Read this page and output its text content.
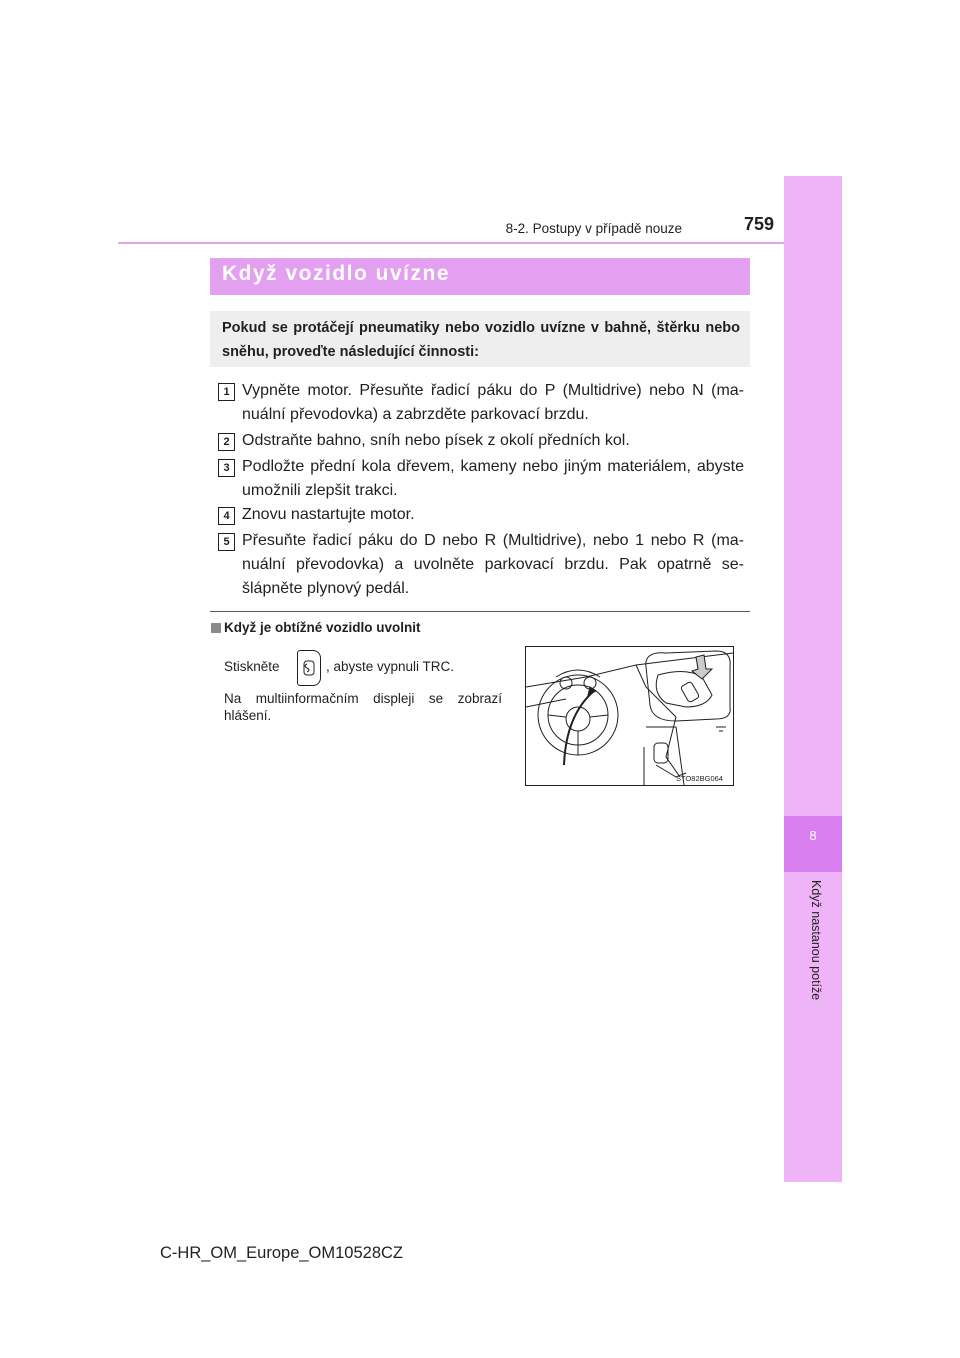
8
Když nastanou potíže
8-2. Postupy v případě nouze	759
Když vozidlo uvízne

Pokud se protáčejí pneumatiky nebo vozidlo uvízne v bahně, štěrku nebo sněhu, proveďte následující činnosti:

1 Vypněte motor. Přesuňte řadicí páku do P (Multidrive) nebo N (ma- nuální převodovka) a zabrzděte parkovací brzdu.

2 Odstraňte bahno, sníh nebo písek z okolí předních kol.

3 Podložte přední kola dřevem, kameny nebo jiným materiálem, abyste umožnili zlepšit trakci.

4 Znovu nastartujte motor.

5 Přesuňte řadicí páku do D nebo R (Multidrive), nebo 1 nebo R (ma- nuální převodovka) a uvolněte parkovací brzdu. Pak opatrně se- šlápněte plynový pedál.

Když je obtížné vozidlo uvolnit
Stiskněte	, abyste vypnuli TRC.

Na multiinformačním displeji se zobrazí hlášení.

STO82BG064
C-HR_OM_Europe_OM10528CZ
